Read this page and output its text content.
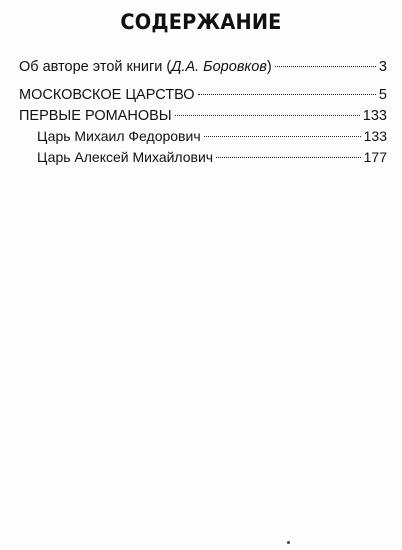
СОДЕРЖАНИЕ
Об авторе этой книги (Д.А. Боровков)	3
МОСКОВСКОЕ ЦАРСТВО	5
ПЕРВЫЕ РОМАНОВЫ	133
Царь Михаил Федорович	133
Царь Алексей Михайлович	177
